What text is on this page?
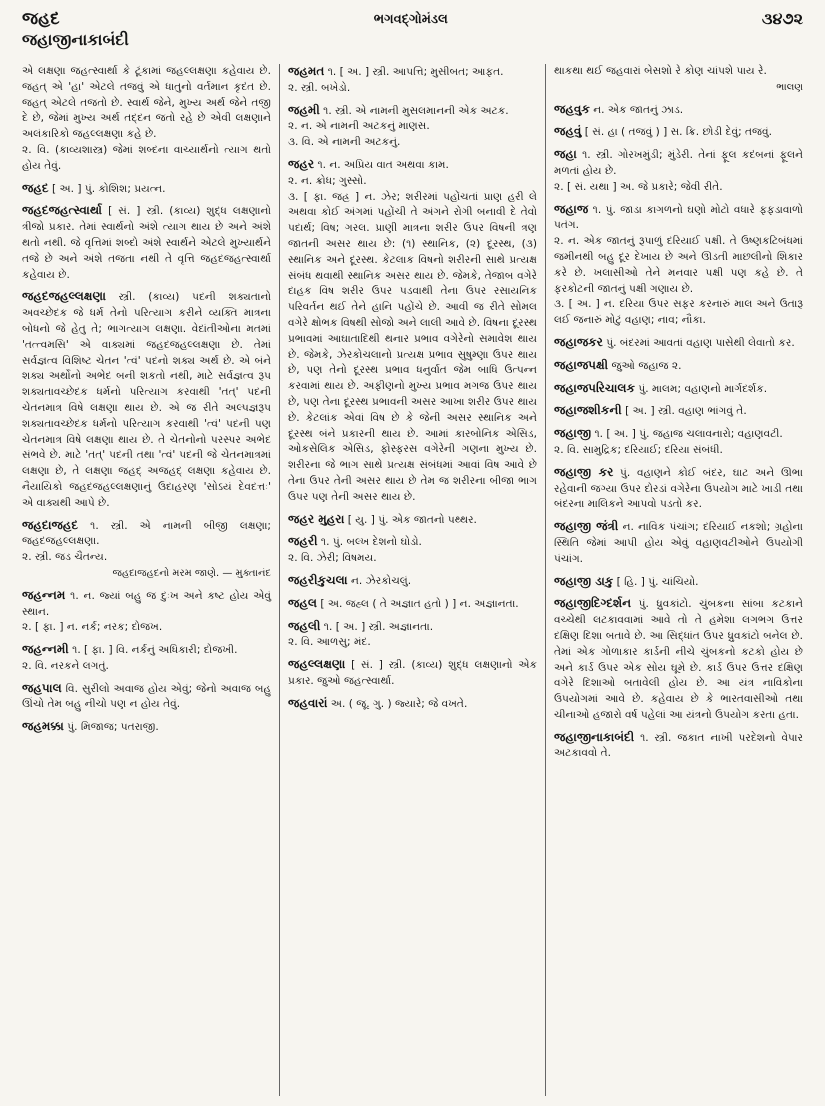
જહદ	ભગવદ્ગોમંડલ	૩૪૭૨
જહાજીનાકાબંદી

એ લક્ષણા જહત્સ્વાર્થા કે ટૂંકામાં જહલ્લક્ષણા કહેવાય છે. જહત્ એ 'હા' એટલે તજવું એ ધાતુનો વર્તમાન કૃદંત છે. જહત્ એટલે તજતો છે. સ્વાર્થ જેને, મુખ્ય અર્થ જેને તજી દે છે, જેમાં મુખ્ય અર્થ તદ્દન જતો રહે છે એવી લક્ષણાને અલંકારિકો જહલ્લક્ષણા કહે છે.

૨. વિ. (કાવ્યશાસ્ત્ર) જેમાં શબ્દના વાચ્યાર્થનો ત્યાગ થતો હોય તેવું.

જહદ [ અ. ] પું. કોશિશ; પ્રયત્ન.

જહદજહત્સ્વાર્થા [ સં. ] સ્ત્રી. (કાવ્ય) શુદ્ધ લક્ષણાનો ત્રીજો પ્રકાર. તેમાં સ્વાર્થનો અંશે ત્યાગ થાય છે અને અંશે થતો નથી. જે વૃત્તિમાં શબ્દો અંશે સ્વાર્થને એટલે મુખ્યાર્થને તજે છે અને અંશે તજતા નથી તે વૃત્તિ જહદજહત્સ્વાર્થા કહેવાય છે.

જહદજહલ્લક્ષણા સ્ત્રી. (કાવ્ય) પદની શક્યતાનો અવચ્છેદક જે ધર્મ તેનો પરિત્યાગ કરીને વ્યક્તિ માત્રના બોધનો જે હેતુ તે; ભાગત્યાગ લક્ષણા. વેદાંતીઓના મતમાં 'તત્ત્વમસિ' એ વાક્યમાં જહદજહલ્લક્ષણા છે. તેમાં સર્વજ્ઞત્વ વિશિષ્ટ ચેતન 'ત્વં' પદનો શક્ય અર્થ છે. એ બંને શક્ય અર્થોનો અભેદ બની શકતો નથી, માટે સર્વજ્ઞત્વ રૂપ શક્યતાવચ્છેદક ધર્મનો પરિત્યાગ કરવાથી 'તત્' પદની ચેતનમાત્ર વિષે લક્ષણા થાય છે. એ જ રીતે અલ્પજ્ઞરૂપ શક્યતાવચ્છેદક ધર્મનો પરિત્યાગ કરવાથી 'ત્વં' પદની પણ ચેતનમાત્ર વિષે લક્ષણા થાય છે. તે ચેતનોનો પરસ્પર અભેદ સંભવે છે. માટે 'તત્' પદની તથા 'ત્વં' પદની જે ચેતનમાત્રમાં લક્ષણા છે, તે લક્ષણા જહદ્ અજહદ્ લક્ષણા કહેવાય છે. નૈયાયિકો જહદજહલ્લક્ષણાનું ઉદાહરણ 'સોઽયં દેવદત્તઃ' એ વાક્યથી આપે છે.

જહદાજહદ ૧. સ્ત્રી. એ નામની બીજી લક્ષણા; જહદજહલ્લક્ષણા.

૨. સ્ત્રી. જડ ચૈતન્ય.

જહદાજહદનો મરમ જાણે. — મુક્તાનંદ

જહન્નમ ૧. ન. જ્યાં બહુ જ દુઃખ અને કષ્ટ હોય એવું સ્થાન.

૨. [ ફા. ] ન. નર્ક; નરક; દોજખ.

જહન્નમી ૧. [ ફા. ] વિ. નર્કનું અધિકારી; દોજખી.

૨. વિ. નરકને લગતું.

જહપાલ વિ. સુરીલો અવાજ હોય એવું; જેનો અવાજ બહુ ઊંચો તેમ બહુ નીચો પણ ન હોય તેવું.

જહમક્કા પું. મિજાજ; પતરાજી.

જહમત ૧. [ અ. ] સ્ત્રી. આપત્તિ; મુસીબત; આફત.

૨. સ્ત્રી. બખેડો.

જહમી ૧. સ્ત્રી. એ નામની મુસલમાનની એક અટક.

૨. ન. એ નામની અટકનું માણસ.

૩. વિ. એ નામની અટકનું.

જહર ૧. ન. અપ્રિય વાત અથવા કામ.

૨. ન. ક્રોધ; ગુસ્સો.

૩. [ ફા. જહ્ર ] ન. ઝેર; શરીરમાં પહોંચતાં પ્રાણ હરી લે અથવા કોઈ અંગમાં પહોંચી તે અંગને રોગી બનાવી દે તેવો પદાર્થ; વિષ; ગરલ. પ્રાણી માત્રના શરીર ઉપર વિષની ત્રણ જાતની અસર થાય છે: (૧) સ્થાનિક, (૨) દૂરસ્થ, (૩) સ્થાનિક અને દૂરસ્થ. કેટલાક વિષનો શરીરની સાથે પ્રત્યક્ષ સંબંધ થવાથી સ્થાનિક અસર થાય છે. જેમકે, તેજાબ વગેરે દાહક વિષ શરીર ઉપર પડવાથી તેના ઉપર રસાયનિક પરિવર્તન થઈ તેને હાનિ પહોંચે છે. આવી જ રીતે સોમલ વગેરે ક્ષોભક વિષથી સોજો અને લાલી આવે છે. વિષના દૂરસ્થ પ્રભાવમાં આઘાતાદિથી થનાર પ્રભાવ વગેરેનો સમાવેશ થાય છે. જેમકે, ઝેરકોચલાનો પ્રત્યક્ષ પ્રભાવ સુષુમ્ણા ઉપર થાય છે, પણ તેનો દૂરસ્થ પ્રભાવ ધનુર્વાત જેમ બાધિ ઉત્પન્ન કરવામાં થાય છે. અફીણનો મુખ્ય પ્રભાવ મગજ ઉપર થાય છે, પણ તેના દૂરસ્થ પ્રભાવની અસર આખા શરીર ઉપર થાય છે. કેટલાંક એવાં વિષ છે કે જેની અસર સ્થાનિક અને દૂરસ્થ બંને પ્રકારની થાય છે. આમાં કારબોનિક એસિડ, ઓકસેલિક એસિડ, ફોસ્ફરસ વગેરેની ગણના મુખ્ય છે. શરીરના જે ભાગ સાથે પ્રત્યક્ષ સંબંધમાં આવાં વિષ આવે છે તેના ઉપર તેની અસર થાય છે તેમ જ શરીરના બીજા ભાગ ઉપર પણ તેની અસર થાય છે.

જહર મુહરા [ યુ. ] પું. એક જાતનો પથ્થર.

જહરી ૧. પું. બલ્ખ દેશનો ઘોડો.

૨. વિ. ઝેરી; વિષમય.

જહરીકુચલા ન. ઝેરકોચલું.

જહલ [ અ. જહ્લ ( તે અજ્ઞાત હતો ) ] ન. અજ્ઞાનતા.

જહલી ૧. [ અ. ] સ્ત્રી. અજ્ઞાનતા.

૨. વિ. આળસુ; મંદ.

જહલ્લક્ષણા [ સં. ] સ્ત્રી. (કાવ્ય) શુદ્ધ લક્ષણાનો એક પ્રકાર. જુઓ જહત્સ્વાર્થા.

જહવારાં અ. ( જૂ. ગુ. ) જ્યારે; જે વખતે.

થાકથા થઈ જહવારાં બેસશો રે કોણ ચાંપશે પાય રે.

ભાલણ

જહવુક ન. એક જાતનું ઝાડ.

જહવું [ સં. હા ( તજવું ) ] સ. ક્રિ. છોડી દેવું; તજવું.

જહા ૧. સ્ત્રી. ગોરખમુંડી; મુંડેરી. તેનાં ફૂલ કદંબનાં ફૂલને મળતાં હોય છે.

૨. [ સં. યથા ] અ. જે પ્રકારે; જેવી રીતે.

જહાજ ૧. પું. જાડા કાગળનો ઘણો મોટો વધારે ફફડાવાળો પતંગ.

૨. ન. એક જાતનું રૂપાળું દરિયાઈ પક્ષી. તે ઉષ્ણકટિબંધમાં જમીનથી બહુ દૂર દેખાય છે અને ઊડતી માછલીનો શિકાર કરે છે. ખલાસીઓ તેને મનવાર પક્ષી પણ કહે છે. તે ફરકોટની જાતનું પક્ષી ગણાય છે.

૩. [ અ. ] ન. દરિયા ઉપર સફર કરનારું માલ અને ઉતારૂ લઈ જનારું મોટું વહાણ; નાવ; નૌકા.

જહાજકર પું. બંદરમાં આવતાં વહાણ પાસેથી લેવાતો કર.

જહાજપક્ષી જુઓ જહાજ ૨.

જહાજપરિચાલક પું. માલમ; વહાણનો માર્ગદર્શક.

જહાજશીકની [ અ. ] સ્ત્રી. વહાણ ભાંગવું તે.

જહાજી ૧. [ અ. ] પું. જહાજ ચલાવનારો; વહાણવટી.

૨. વિ. સામુદ્રિક; દરિયાઈ; દરિયા સંબંધી.

જહાજી કર પું. વહાણને કોઈ બંદર, ઘાટ અને ઊભા રહેવાની જગ્યા ઉપર દોરડાં વગેરેના ઉપયોગ માટે ખાડી તથા બંદરના માલિકને આપવો પડતો કર.

જહાજી જંત્રી ન. નાવિક પંચાંગ; દરિયાઈ નકશો; ગ્રહોના સ્થિતિ જેમાં આપી હોય એવું વહાણવટીઓને ઉપયોગી પંચાંગ.

જહાજી ડાકુ [ હિ. ] પું. ચાંચિયો.

જહાજીદિગ્દર્શન પું. ધ્રુવકાંટો. ચુંબકના સાંબા કટકાને વચ્ચેથી લટકાવવામાં આવે તો તે હમેશા લગભગ ઉત્તર દક્ષિણ દિશા બતાવે છે. આ સિદ્ધાંત ઉપર ધ્રુવકાંટો બનેલ છે. તેમાં એક ગોળાકાર કાર્ડની નીચે ચુંબકનો કટકો હોય છે અને કાર્ડ ઉપર એક સોય ઘૂમે છે. કાર્ડ ઉપર ઉત્તર દક્ષિણ વગેરે દિશાઓ બતાવેલી હોય છે. આ યંત્ર નાવિકોના ઉપયોગમાં આવે છે. કહેવાય છે કે ભારતવાસીઓ તથા ચીનાઓ હજારો વર્ષ પહેલાં આ યંત્રનો ઉપયોગ કરતા હતા.

જહાજીનાકાબંદી ૧. સ્ત્રી. જકાત નાખી પરદેશનો વેપાર અટકાવવો તે.
